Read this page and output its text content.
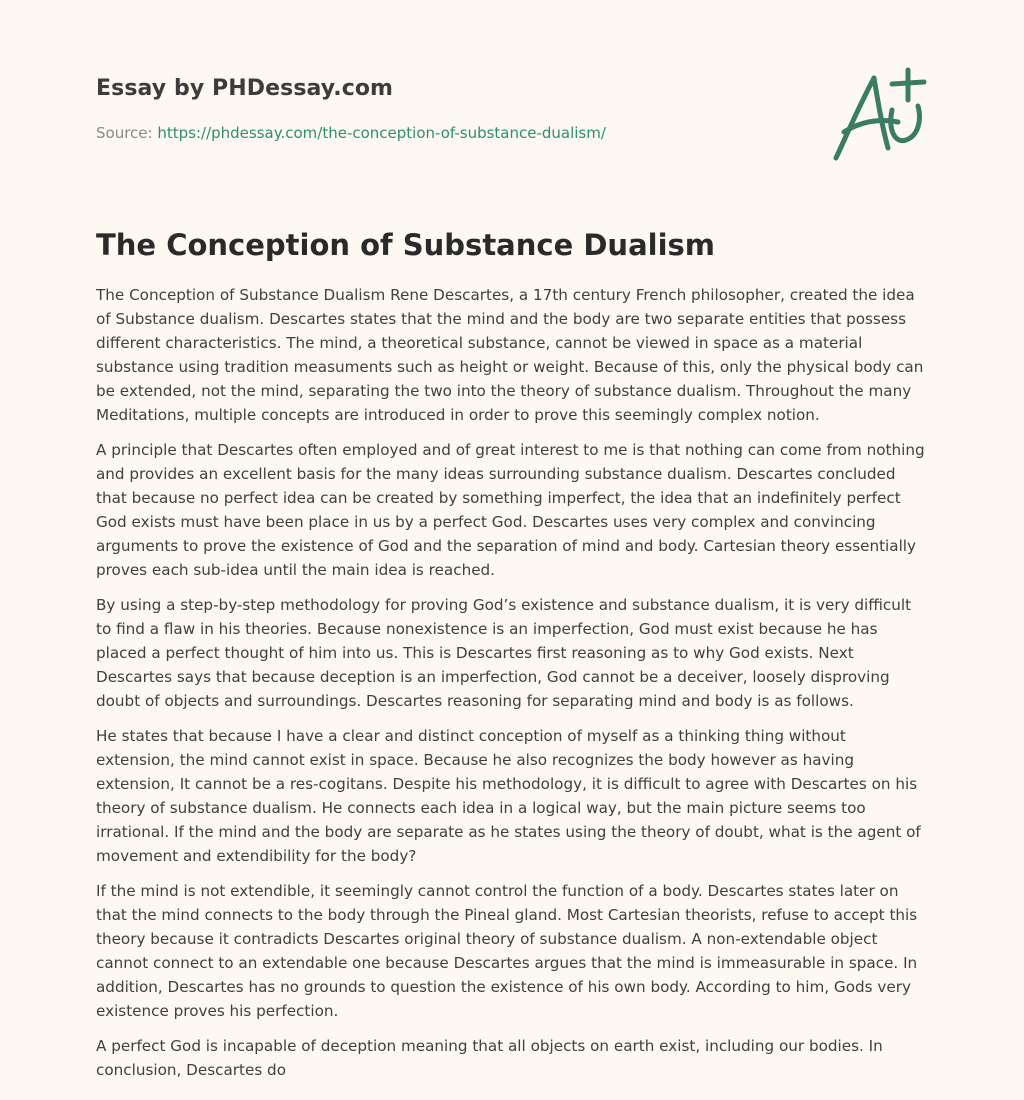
Essay by PHDessay.com
Source: https://phdessay.com/the-conception-of-substance-dualism/
The Conception of Substance Dualism

The Conception of Substance Dualism Rene Descartes, a 17th century French philosopher, created the idea of Substance dualism. Descartes states that the mind and the body are two separate entities that possess different characteristics. The mind, a theoretical substance, cannot be viewed in space as a material substance using tradition measuments such as height or weight. Because of this, only the physical body can be extended, not the mind, separating the two into the theory of substance dualism. Throughout the many Meditations, multiple concepts are introduced in order to prove this seemingly complex notion.

A principle that Descartes often employed and of great interest to me is that nothing can come from nothing and provides an excellent basis for the many ideas surrounding substance dualism. Descartes concluded that because no perfect idea can be created by something imperfect, the idea that an indefinitely perfect God exists must have been place in us by a perfect God. Descartes uses very complex and convincing arguments to prove the existence of God and the separation of mind and body. Cartesian theory essentially proves each sub-idea until the main idea is reached.

By using a step-by-step methodology for proving God’s existence and substance dualism, it is very difficult to find a flaw in his theories. Because nonexistence is an imperfection, God must exist because he has placed a perfect thought of him into us. This is Descartes first reasoning as to why God exists. Next Descartes says that because deception is an imperfection, God cannot be a deceiver, loosely disproving doubt of objects and surroundings. Descartes reasoning for separating mind and body is as follows.

He states that because I have a clear and distinct conception of myself as a thinking thing without extension, the mind cannot exist in space. Because he also recognizes the body however as having extension, It cannot be a res-cogitans. Despite his methodology, it is difficult to agree with Descartes on his theory of substance dualism. He connects each idea in a logical way, but the main picture seems too irrational. If the mind and the body are separate as he states using the theory of doubt, what is the agent of movement and extendibility for the body?

If the mind is not extendible, it seemingly cannot control the function of a body. Descartes states later on that the mind connects to the body through the Pineal gland. Most Cartesian theorists, refuse to accept this theory because it contradicts Descartes original theory of substance dualism. A non-extendable object cannot connect to an extendable one because Descartes argues that the mind is immeasurable in space. In addition, Descartes has no grounds to question the existence of his own body. According to him, Gods very existence proves his perfection.

A perfect God is incapable of deception meaning that all objects on earth exist, including our bodies. In conclusion, Descartes do
